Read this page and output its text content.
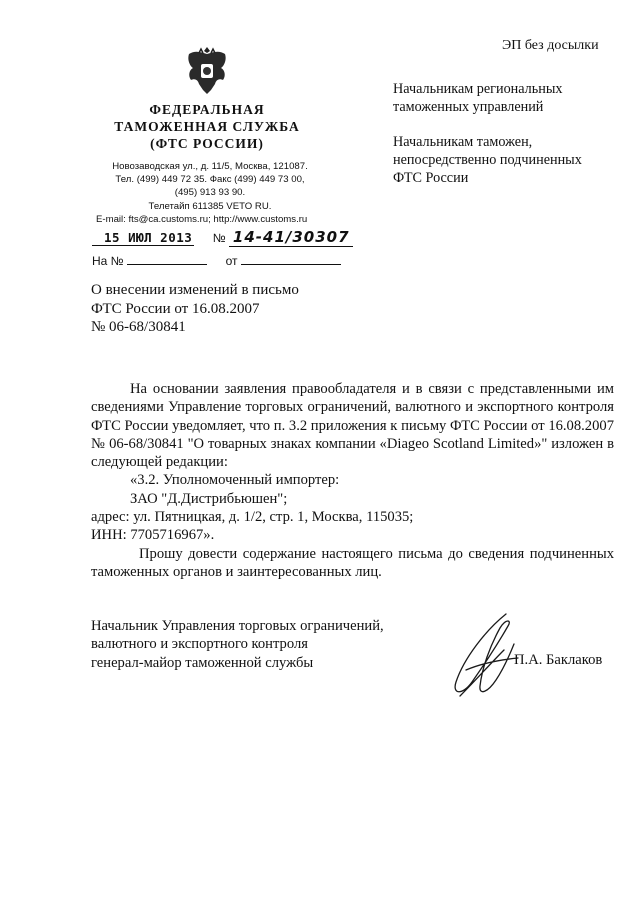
ЭП без досылки
ФЕДЕРАЛЬНАЯ
ТАМОЖЕННАЯ СЛУЖБА
(ФТС РОССИИ)
Новозаводская ул., д. 11/5, Москва, 121087.
Тел. (499) 449 72 35. Факс (499) 449 73 00,
(495) 913 93 90.
Телетайп 611385 VETO RU.
E-mail: fts@ca.customs.ru; http://www.customs.ru
15 ИЮЛ 2013 № 14-41/30307
На №	от

Начальникам региональных
таможенных управлений

Начальникам таможен,
непосредственно подчиненных
ФТС России

О внесении изменений в письмо
ФТС России от 16.08.2007
№ 06-68/30841

На основании заявления правообладателя и в связи с представленными им сведениями Управление торговых ограничений, валютного и экспортного контроля ФТС России уведомляет, что п. 3.2 приложения к письму ФТС России от 16.08.2007 № 06-68/30841 "О товарных знаках компании «Diageo Scotland Limited»" изложен в следующей редакции:

«3.2. Уполномоченный импортер:

ЗАО "Д.Дистрибьюшен";

адрес: ул. Пятницкая, д. 1/2, стр. 1, Москва, 115035;

ИНН: 7705716967».

Прошу довести содержание настоящего письма до сведения подчиненных таможенных органов и заинтересованных лиц.

Начальник Управления торговых ограничений,
валютного и экспортного контроля
генерал-майор таможенной службы	П.А. Баклаков
